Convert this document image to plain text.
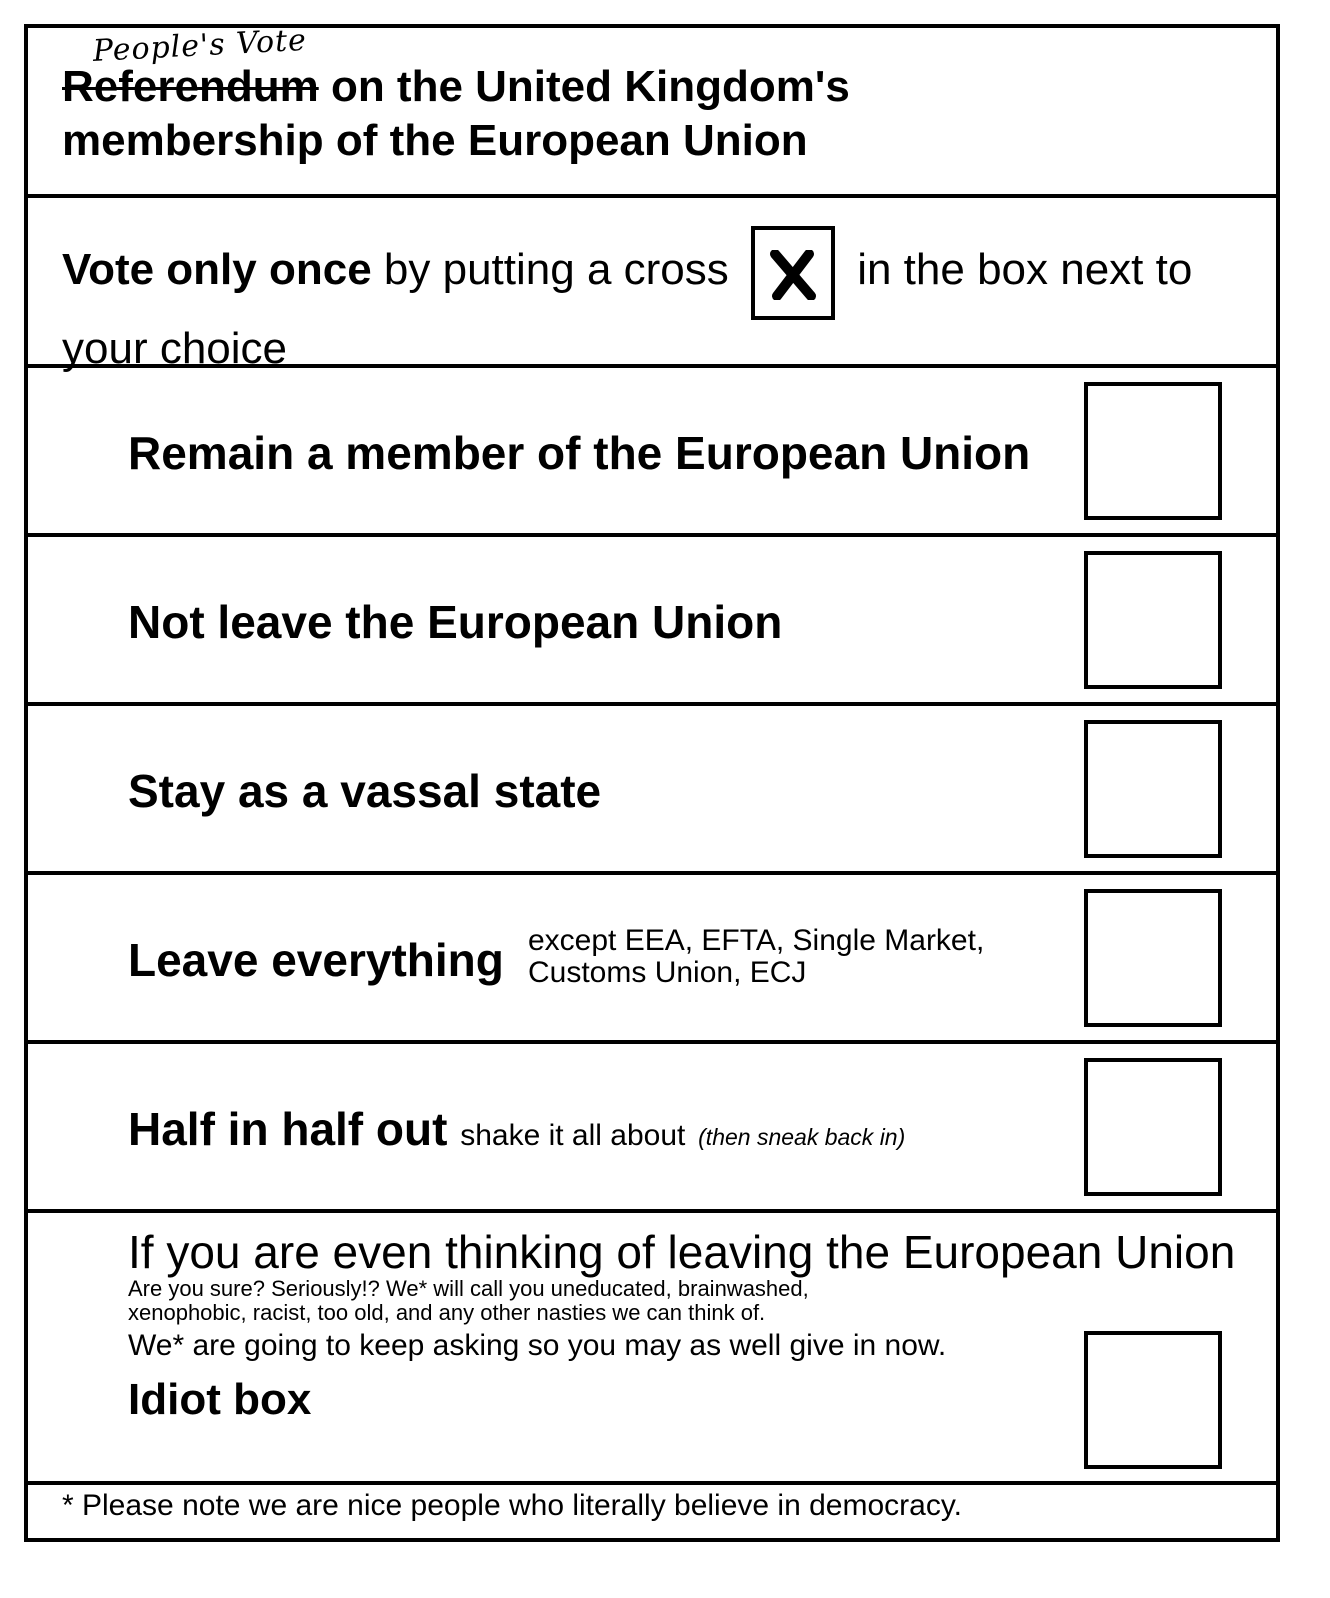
People's Vote
Referendum on the United Kingdom's
membership of the European Union
Vote only once by putting a cross
in the box next to your choice
Remain a member of the European Union
Not leave the European Union
Stay as a vassal state
Leave everything except EEA, EFTA, Single Market,
Customs Union, ECJ
Half in half out shake it all about (then sneak back in)
If you are even thinking of leaving the European Union
Are you sure? Seriously!? We* will call you uneducated, brainwashed,
xenophobic, racist, too old, and any other nasties we can think of.
We* are going to keep asking so you may as well give in now.
Idiot box
* Please note we are nice people who literally believe in democracy.
